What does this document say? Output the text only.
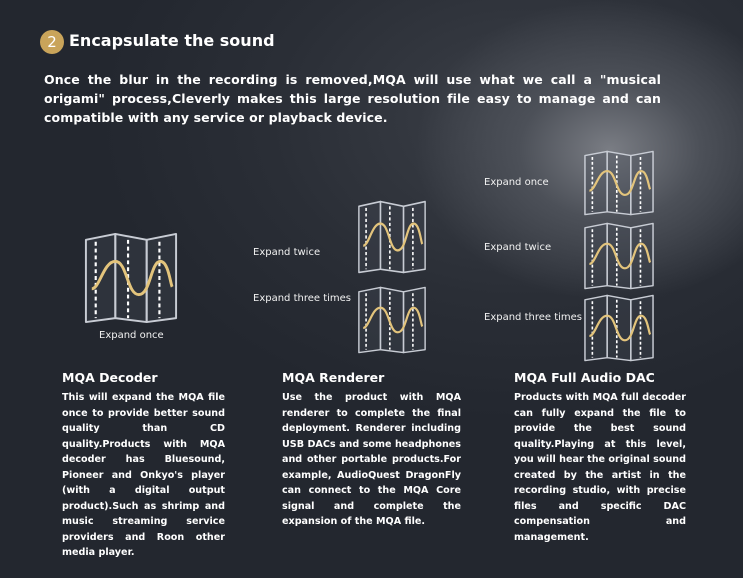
2 Encapsulate the sound
Once the blur in the recording is removed,MQA will use what we call a "musical origami" process,Cleverly makes this large resolution file easy to manage and can compatible with any service or playback device.
Expand once
Expand twice
Expand three times
Expand once
Expand twice
Expand three times
MQA Decoder

This will expand the MQA file once to provide better sound quality than CD quality.Products with MQA decoder has Bluesound, Pioneer and Onkyo's player (with a digital output product).Such as shrimp and music streaming service providers and Roon other media player.

MQA Renderer

Use the product with MQA renderer to complete the final deployment. Renderer including USB DACs and some headphones and other portable products.For example, AudioQuest DragonFly can connect to the MQA Core signal and complete the expansion of the MQA file.

MQA Full Audio DAC

Products with MQA full decoder can fully expand the file to provide the best sound quality.Playing at this level, you will hear the original sound created by the artist in the recording studio, with precise files and specific DAC compensation and management.
